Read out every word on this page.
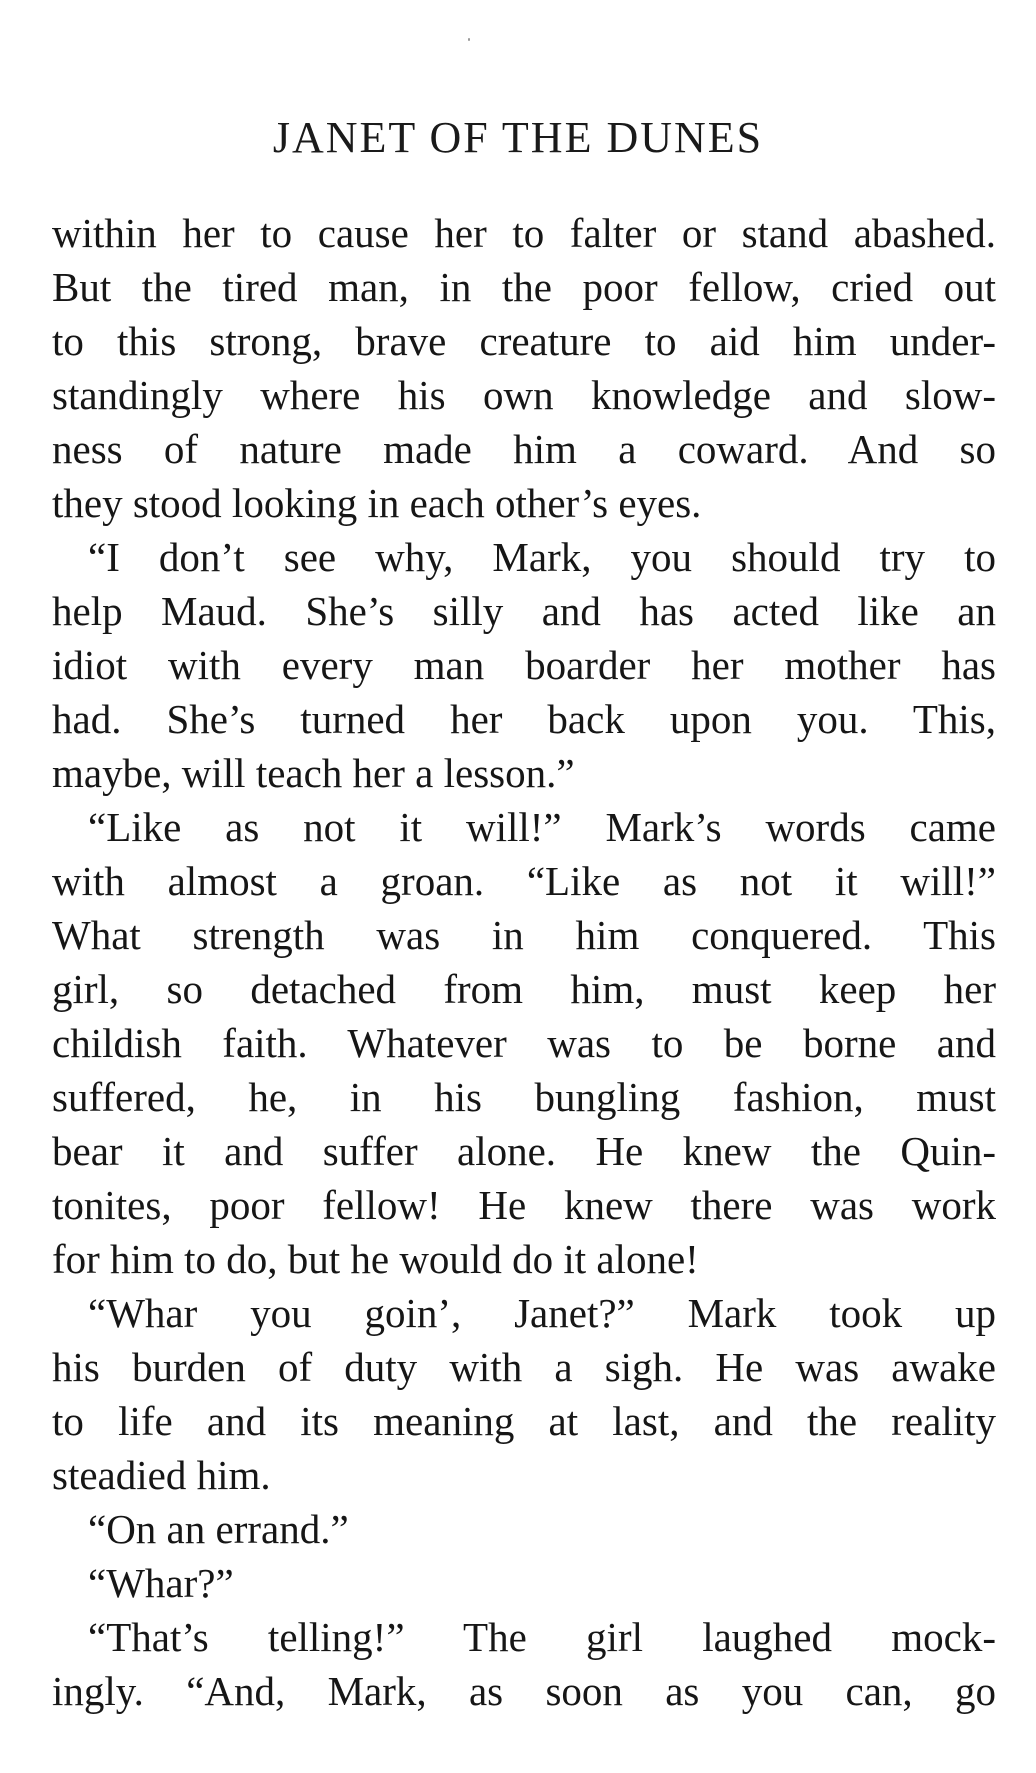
JANET OF THE DUNES
within her to cause her to falter or stand abashed.
But the tired man, in the poor fellow, cried out
to this strong, brave creature to aid him under-
standingly where his own knowledge and slow-
ness of nature made him a coward. And so
they stood looking in each other’s eyes.
“I don’t see why, Mark, you should try to
help Maud. She’s silly and has acted like an
idiot with every man boarder her mother has
had. She’s turned her back upon you. This,
maybe, will teach her a lesson.”
“Like as not it will!” Mark’s words came
with almost a groan. “Like as not it will!”
What strength was in him conquered. This
girl, so detached from him, must keep her
childish faith. Whatever was to be borne and
suffered, he, in his bungling fashion, must
bear it and suffer alone. He knew the Quin-
tonites, poor fellow! He knew there was work
for him to do, but he would do it alone!
“Whar you goin’, Janet?” Mark took up
his burden of duty with a sigh. He was awake
to life and its meaning at last, and the reality
steadied him.
“On an errand.”
“Whar?”
“That’s telling!” The girl laughed mock-
ingly. “And, Mark, as soon as you can, go
